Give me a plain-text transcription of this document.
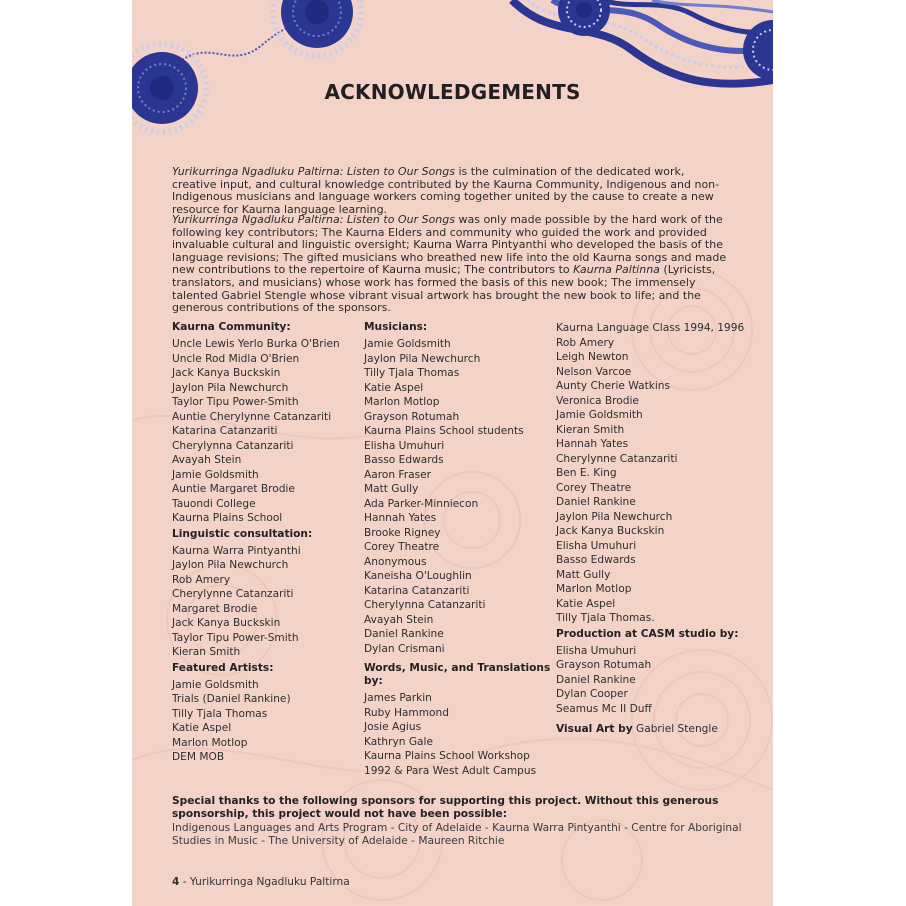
ACKNOWLEDGEMENTS
Yurikurringa Ngadluku Paltirna: Listen to Our Songs is the culmination of the dedicated work, creative input, and cultural knowledge contributed by the Kaurna Community, Indigenous and non-Indigenous musicians and language workers coming together united by the cause to create a new resource for Kaurna language learning.
Yurikurringa Ngadluku Paltirna: Listen to Our Songs was only made possible by the hard work of the following key contributors; The Kaurna Elders and community who guided the work and provided invaluable cultural and linguistic oversight; Kaurna Warra Pintyanthi who developed the basis of the language revisions; The gifted musicians who breathed new life into the old Kaurna songs and made new contributions to the repertoire of Kaurna music; The contributors to Kaurna Paltinna (Lyricists, translators, and musicians) whose work has formed the basis of this new book; The immensely talented Gabriel Stengle whose vibrant visual artwork has brought the new book to life; and the generous contributions of the sponsors.
Kaurna Community:
Uncle Lewis Yerlo Burka O'Brien
Uncle Rod Midla O'Brien
Jack Kanya Buckskin
Jaylon Pila Newchurch
Taylor Tipu Power-Smith
Auntie Cherylynne Catanzariti
Katarina Catanzariti
Cherylynna Catanzariti
Avayah Stein
Jamie Goldsmith
Auntie Margaret Brodie
Tauondi College
Kaurna Plains School
Linguistic consultation:
Kaurna Warra Pintyanthi
Jaylon Pila Newchurch
Rob Amery
Cherylynne Catanzariti
Margaret Brodie
Jack Kanya Buckskin
Taylor Tipu Power-Smith
Kieran Smith
Featured Artists:
Jamie Goldsmith
Trials (Daniel Rankine)
Tilly Tjala Thomas
Katie Aspel
Marlon Motlop
DEM MOB
Musicians:
Jamie Goldsmith
Jaylon Pila Newchurch
Tilly Tjala Thomas
Katie Aspel
Marlon Motlop
Grayson Rotumah
Kaurna Plains School students
Elisha Umuhuri
Basso Edwards
Aaron Fraser
Matt Gully
Ada Parker-Minniecon
Hannah Yates
Brooke Rigney
Corey Theatre
Anonymous
Kaneisha O'Loughlin
Katarina Catanzariti
Cherylynna Catanzariti
Avayah Stein
Daniel Rankine
Dylan Crismani
Words, Music, and Translations by:
James Parkin
Ruby Hammond
Josie Agius
Kathryn Gale
Kaurna Plains School Workshop
1992 & Para West Adult Campus
Kaurna Language Class 1994, 1996
Rob Amery
Leigh Newton
Nelson Varcoe
Aunty Cherie Watkins
Veronica Brodie
Jamie Goldsmith
Kieran Smith
Hannah Yates
Cherylynne Catanzariti
Ben E. King
Corey Theatre
Daniel Rankine
Jaylon Pila Newchurch
Jack Kanya Buckskin
Elisha Umuhuri
Basso Edwards
Matt Gully
Marlon Motlop
Katie Aspel
Tilly Tjala Thomas.
Production at CASM studio by:
Elisha Umuhuri
Grayson Rotumah
Daniel Rankine
Dylan Cooper
Seamus Mc II Duff
Visual Art by Gabriel Stengle
Special thanks to the following sponsors for supporting this project. Without this generous sponsorship, this project would not have been possible:
Indigenous Languages and Arts Program - City of Adelaide - Kaurna Warra Pintyanthi - Centre for Aboriginal Studies in Music - The University of Adelaide - Maureen Ritchie
4 - Yurikurringa Ngadluku Paltirna
